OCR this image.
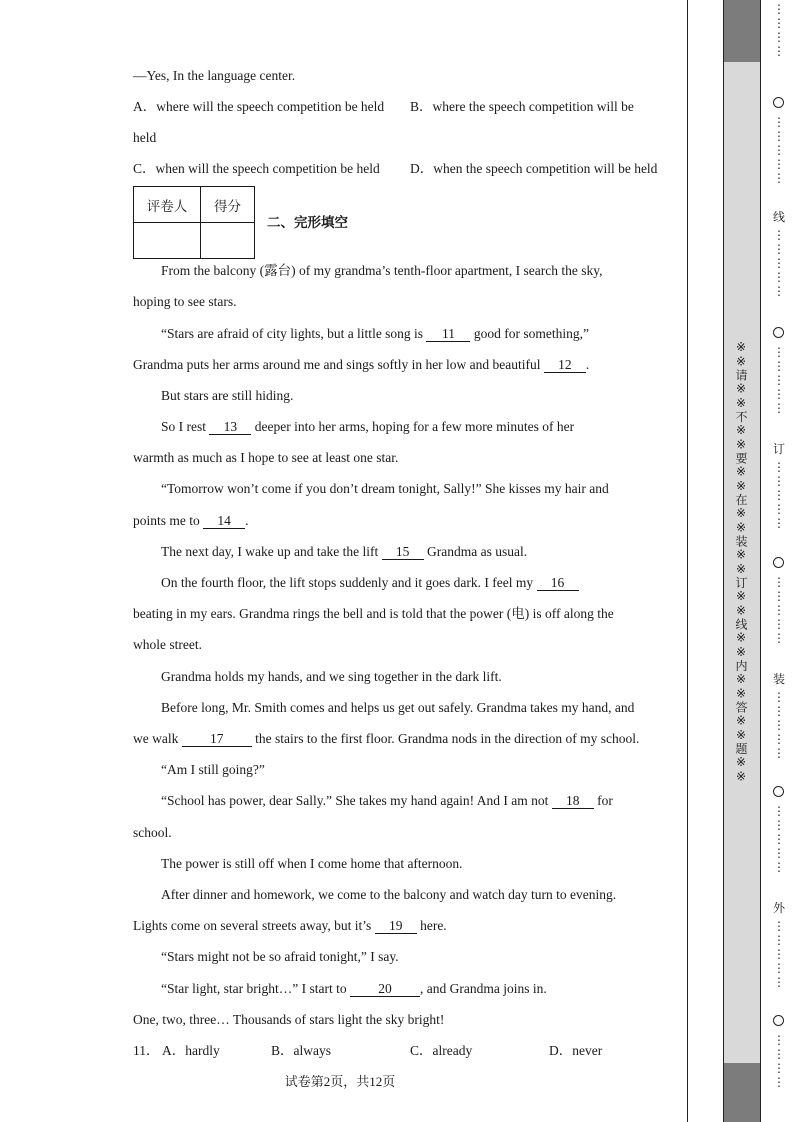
—Yes, In the language center.
A．where will the speech competition be held B．where the speech competition will be
held
C．when will the speech competition be held D．when the speech competition will be held
评卷人	得分

二、完形填空
From the balcony (露台) of my grandma’s tenth-floor apartment, I search the sky,
hoping to see stars.
“Stars are afraid of city lights, but a little song is 11 good for something,”
Grandma puts her arms around me and sings softly in her low and beautiful 12 .
But stars are still hiding.
So I rest 13 deeper into her arms, hoping for a few more minutes of her
warmth as much as I hope to see at least one star.
“Tomorrow won’t come if you don’t dream tonight, Sally!” She kisses my hair and
points me to 14 .
The next day, I wake up and take the lift 15 Grandma as usual.
On the fourth floor, the lift stops suddenly and it goes dark. I feel my 16
beating in my ears. Grandma rings the bell and is told that the power (电) is off along the
whole street.
Grandma holds my hands, and we sing together in the dark lift.
Before long, Mr. Smith comes and helps us get out safely. Grandma takes my hand, and
we walk 17 the stairs to the first floor. Grandma nods in the direction of my school.
“Am I still going?”
“School has power, dear Sally.” She takes my hand again! And I am not 18 for
school.
The power is still off when I come home that afternoon.
After dinner and homework, we come to the balcony and watch day turn to evening.
Lights come on several streets away, but it’s 19 here.
“Stars might not be so afraid tonight,” I say.
“Star light, star bright…” I start to 20 , and Grandma joins in.
One, two, three… Thousands of stars light the sky bright!
11． A．hardly	B．always	C．already	D．never
试卷第2页，共12页
※※请※※不※※要※※在※※装※※订※※线※※内※※答※※题※※
⋮
⋮
⋮
⋮
⋮
⋮
⋮
⋮
⋮
线
⋮
⋮
⋮
⋮
⋮
⋮
⋮
⋮
⋮
⋮
订
⋮
⋮
⋮
⋮
⋮
⋮
⋮
⋮
⋮
⋮
装
⋮
⋮
⋮
⋮
⋮
⋮
⋮
⋮
⋮
⋮
外
⋮
⋮
⋮
⋮
⋮
⋮
⋮
⋮
⋮
